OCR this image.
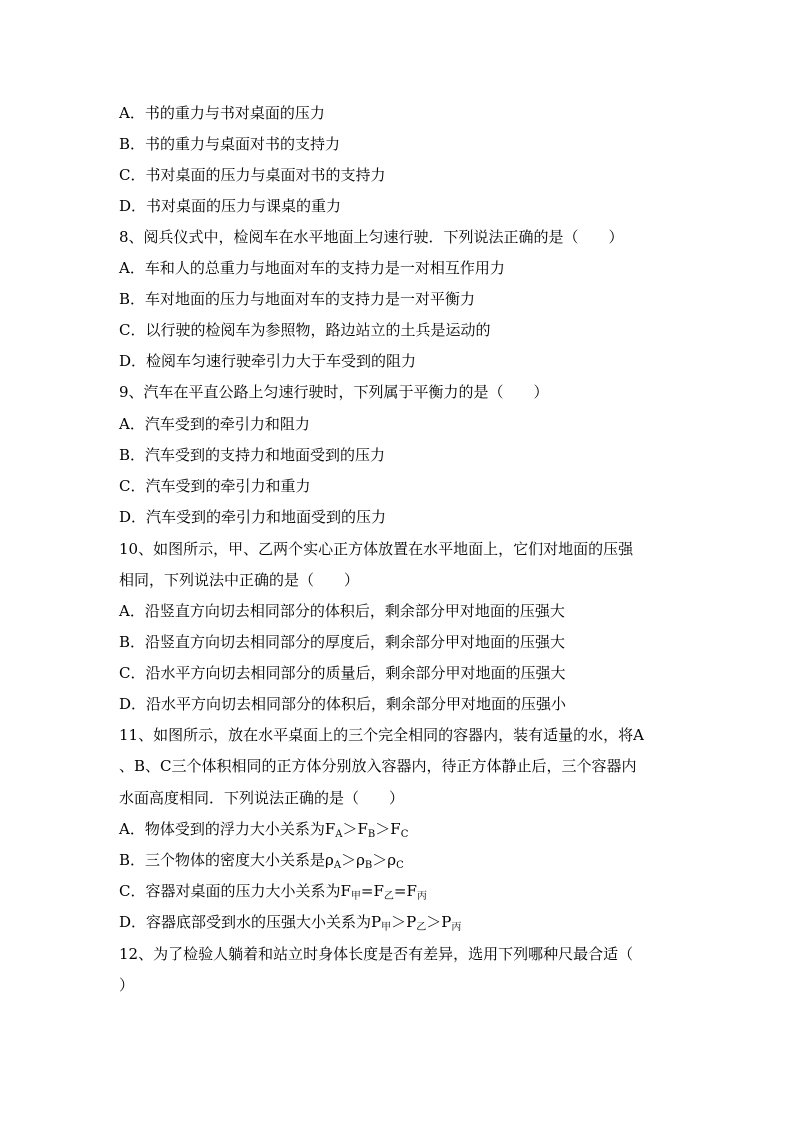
A．书的重力与书对桌面的压力
B．书的重力与桌面对书的支持力
C．书对桌面的压力与桌面对书的支持力
D．书对桌面的压力与课桌的重力
8、阅兵仪式中，检阅车在水平地面上匀速行驶．下列说法正确的是（　　）
A．车和人的总重力与地面对车的支持力是一对相互作用力
B．车对地面的压力与地面对车的支持力是一对平衡力
C．以行驶的检阅车为参照物，路边站立的土兵是运动的
D．检阅车匀速行驶牵引力大于车受到的阻力
9、汽车在平直公路上匀速行驶时，下列属于平衡力的是（　　）
A．汽车受到的牵引力和阻力
B．汽车受到的支持力和地面受到的压力
C．汽车受到的牵引力和重力
D．汽车受到的牵引力和地面受到的压力
10、如图所示，甲、乙两个实心正方体放置在水平地面上，它们对地面的压强
相同，下列说法中正确的是（　　）
A．沿竖直方向切去相同部分的体积后，剩余部分甲对地面的压强大
B．沿竖直方向切去相同部分的厚度后，剩余部分甲对地面的压强大
C．沿水平方向切去相同部分的质量后，剩余部分甲对地面的压强大
D．沿水平方向切去相同部分的体积后，剩余部分甲对地面的压强小
11、如图所示，放在水平桌面上的三个完全相同的容器内，装有适量的水，将A
、B、C三个体积相同的正方体分别放入容器内，待正方体静止后，三个容器内
水面高度相同．下列说法正确的是（　　）
A．物体受到的浮力大小关系为$F_A>F_B>F_C$
B．三个物体的密度大小关系是$\rho_A>\rho_B>\rho_C$
C．容器对桌面的压力大小关系为$F_甲=F_乙=F_丙$
D．容器底部受到水的压强大小关系为$P_甲>P_乙>P_丙$
12、为了检验人躺着和站立时身体长度是否有差异，选用下列哪种尺最合适（
）
